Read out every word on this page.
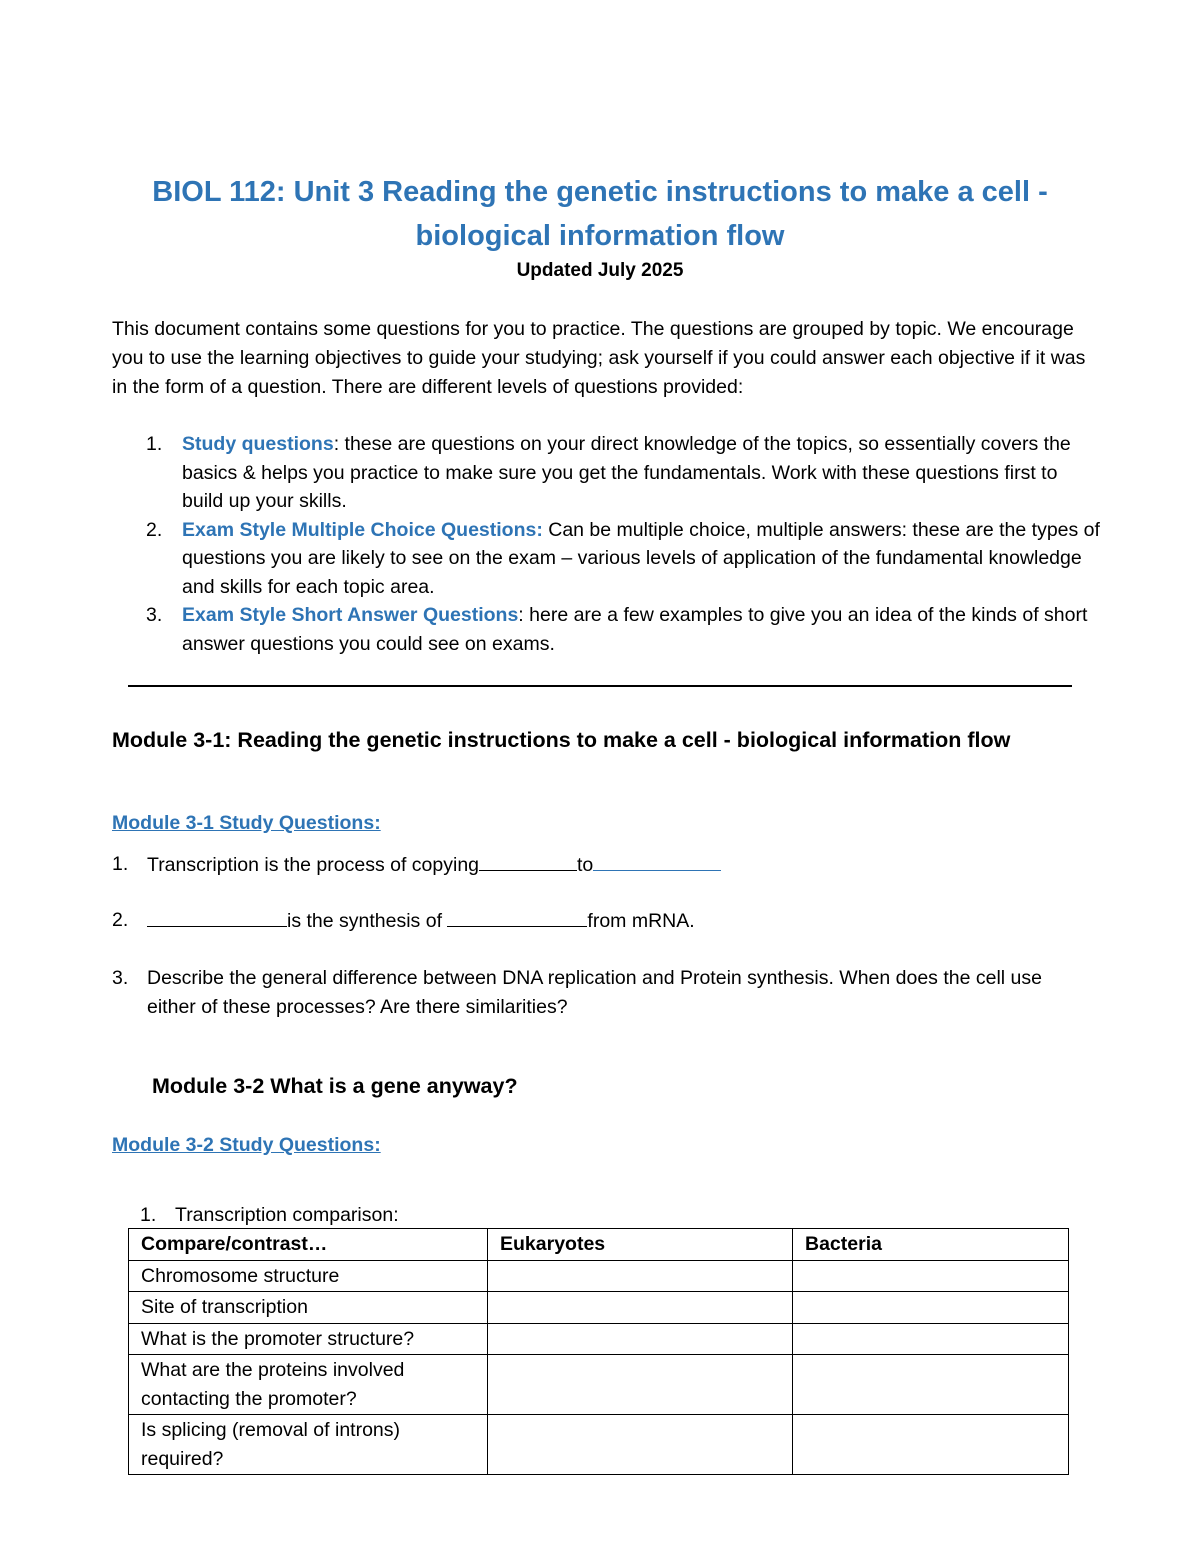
BIOL 112: Unit 3 Reading the genetic instructions to make a cell -
biological information flow
Updated July 2025
This document contains some questions for you to practice. The questions are grouped by topic. We encourage you to use the learning objectives to guide your studying; ask yourself if you could answer each objective if it was in the form of a question. There are different levels of questions provided:
1. Study questions: these are questions on your direct knowledge of the topics, so essentially covers the basics & helps you practice to make sure you get the fundamentals. Work with these questions first to build up your skills.
2. Exam Style Multiple Choice Questions: Can be multiple choice, multiple answers: these are the types of questions you are likely to see on the exam – various levels of application of the fundamental knowledge and skills for each topic area.
3. Exam Style Short Answer Questions: here are a few examples to give you an idea of the kinds of short answer questions you could see on exams.
Module 3-1: Reading the genetic instructions to make a cell - biological information flow
Module 3-1 Study Questions:
1. Transcription is the process of copying	to
2.	is the synthesis of	from mRNA.
3. Describe the general difference between DNA replication and Protein synthesis. When does the cell use either of these processes? Are there similarities?
Module 3-2 What is a gene anyway?
Module 3-2 Study Questions:
1. Transcription comparison:
Compare/contrast…	Eukaryotes	Bacteria
Chromosome structure		
Site of transcription		
What is the promoter structure?		
What are the proteins involved contacting the promoter?		
Is splicing (removal of introns) required?		
